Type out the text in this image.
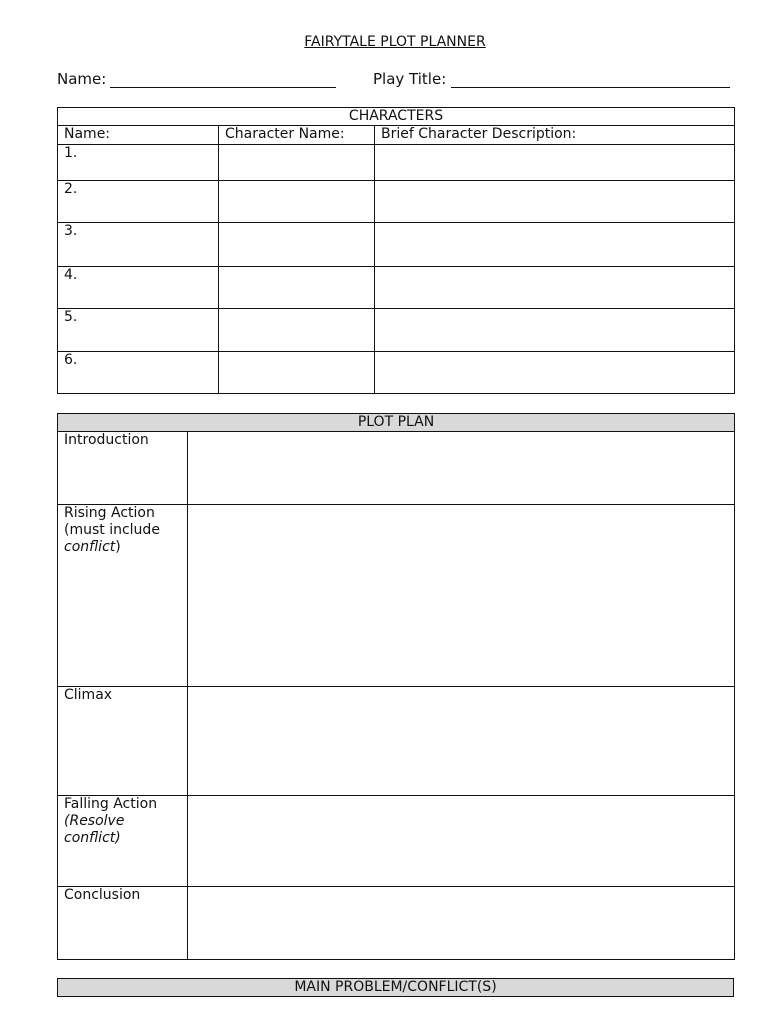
FAIRYTALE PLOT PLANNER
Name:	Play Title:
CHARACTERS		
Name:	Character Name:	Brief Character Description:
1.		
2.		
3.		
4.		
5.		
6.		
PLOT PLAN	
Introduction	
Rising Action
(must include conflict)	
Climax	
Falling Action
(Resolve conflict)	
Conclusion	
MAIN PROBLEM/CONFLICT(S)
